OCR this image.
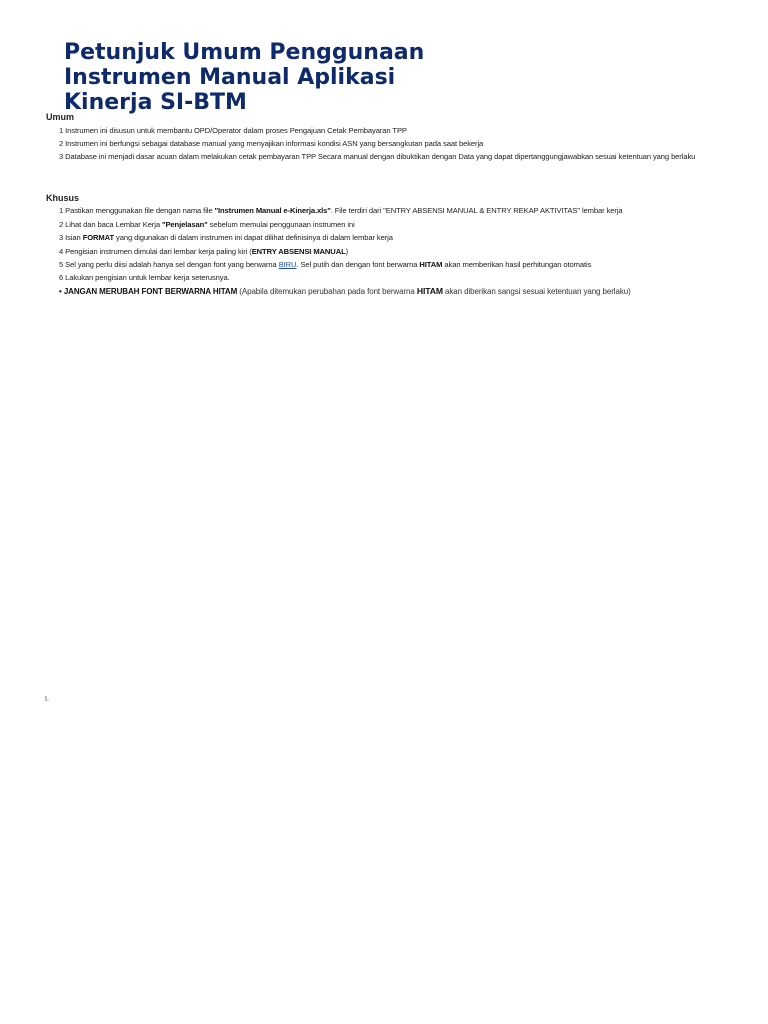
Petunjuk Umum Penggunaan
Instrumen Manual Aplikasi
Kinerja SI-BTM
Umum
1 Instrumen ini disusun untuk membantu OPD/Operator dalam proses Pengajuan Cetak Pembayaran TPP
2 Instrumen ini berfungsi sebagai database manual yang menyajikan informasi kondisi ASN yang bersangkutan pada saat bekerja
3 Database ini menjadi dasar acuan dalam melakukan cetak pembayaran TPP Secara manual dengan dibuktikan dengan Data yang dapat dipertanggungjawabkan sesuai ketentuan yang berlaku
Khusus
1 Pastikan menggunakan file dengan nama file "Instrumen Manual e-Kinerja.xls". File terdiri dari "ENTRY ABSENSI MANUAL & ENTRY REKAP AKTIVITAS" lembar kerja
2 Lihat dan baca Lembar Kerja "Penjelasan" sebelum memulai penggunaan instrumen ini
3 Isian FORMAT yang digunakan di dalam instrumen ini dapat dilihat definisinya di dalam lembar kerja
4 Pengisian instrumen dimulai dari lembar kerja paling kiri (ENTRY ABSENSI MANUAL)
5 Sel yang perlu diisi adalah hanya sel dengan font yang berwarna BIRU. Sel putih dan dengan font berwarna HITAM akan memberikan hasil perhitungan otomatis
6 Lakukan pengisian untuk lembar kerja seterusnya.
• JANGAN MERUBAH FONT BERWARNA HITAM (Apabila ditemukan perubahan pada font berwarna HITAM akan diberikan sangsi sesuai ketentuan yang berlaku)
I.
